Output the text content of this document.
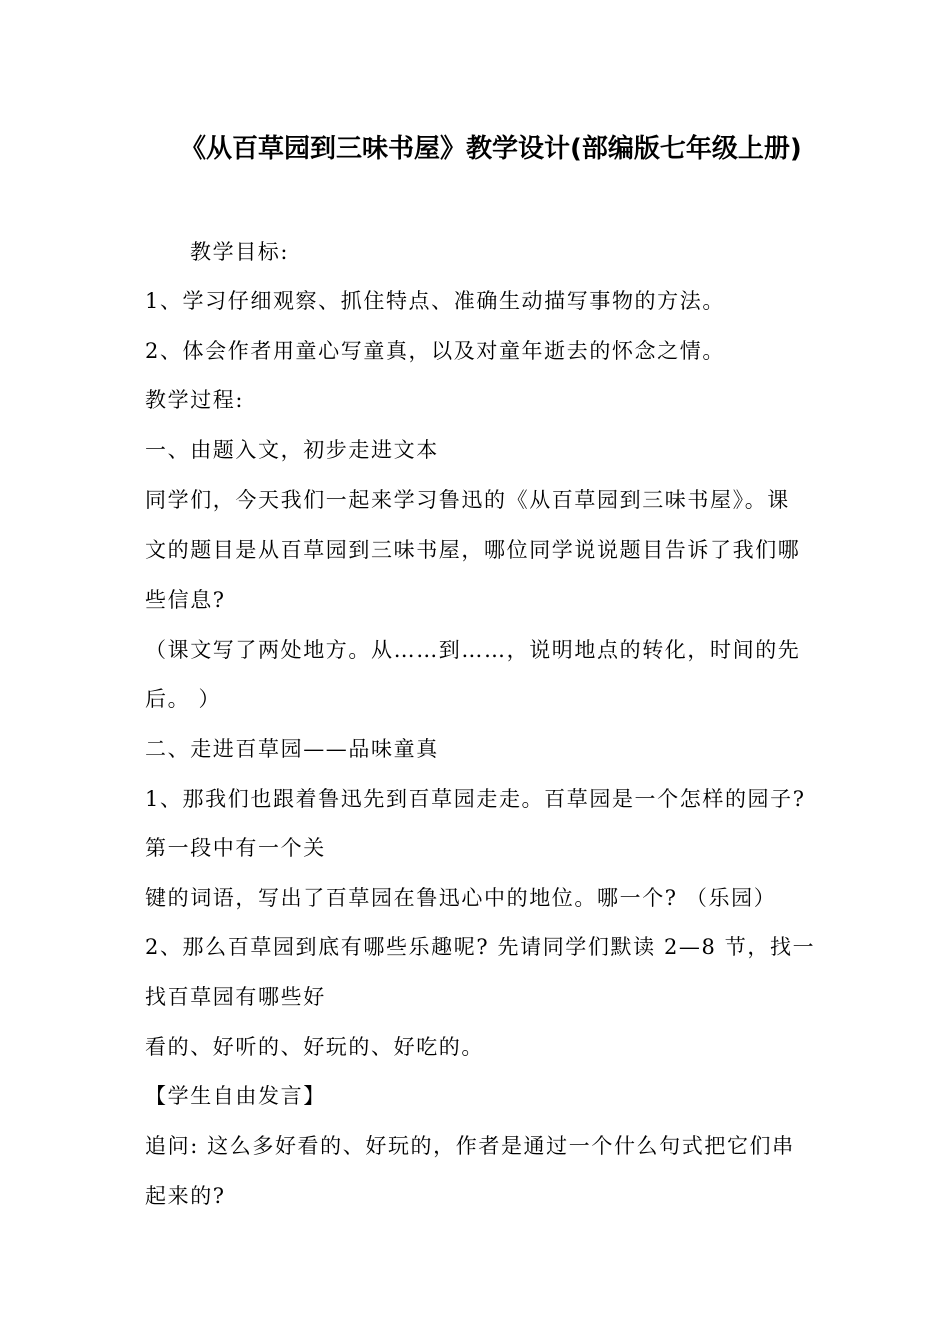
《从百草园到三味书屋》教学设计(部编版七年级上册)
教学目标:
1、学习仔细观察、抓住特点、准确生动描写事物的方法。
2、体会作者用童心写童真，以及对童年逝去的怀念之情。
教学过程:
一、由题入文，初步走进文本
同学们，今天我们一起来学习鲁迅的《从百草园到三味书屋》。课
文的题目是从百草园到三味书屋，哪位同学说说题目告诉了我们哪
些信息?
（课文写了两处地方。从……到……，说明地点的转化，时间的先
后。 ）
二、走进百草园——品味童真
1、那我们也跟着鲁迅先到百草园走走。百草园是一个怎样的园子?
第一段中有一个关
键的词语，写出了百草园在鲁迅心中的地位。哪一个? （乐园）
2、那么百草园到底有哪些乐趣呢? 先请同学们默读 2—8 节，找一
找百草园有哪些好
看的、好听的、好玩的、好吃的。
【学生自由发言】
追问: 这么多好看的、好玩的，作者是通过一个什么句式把它们串
起来的?
